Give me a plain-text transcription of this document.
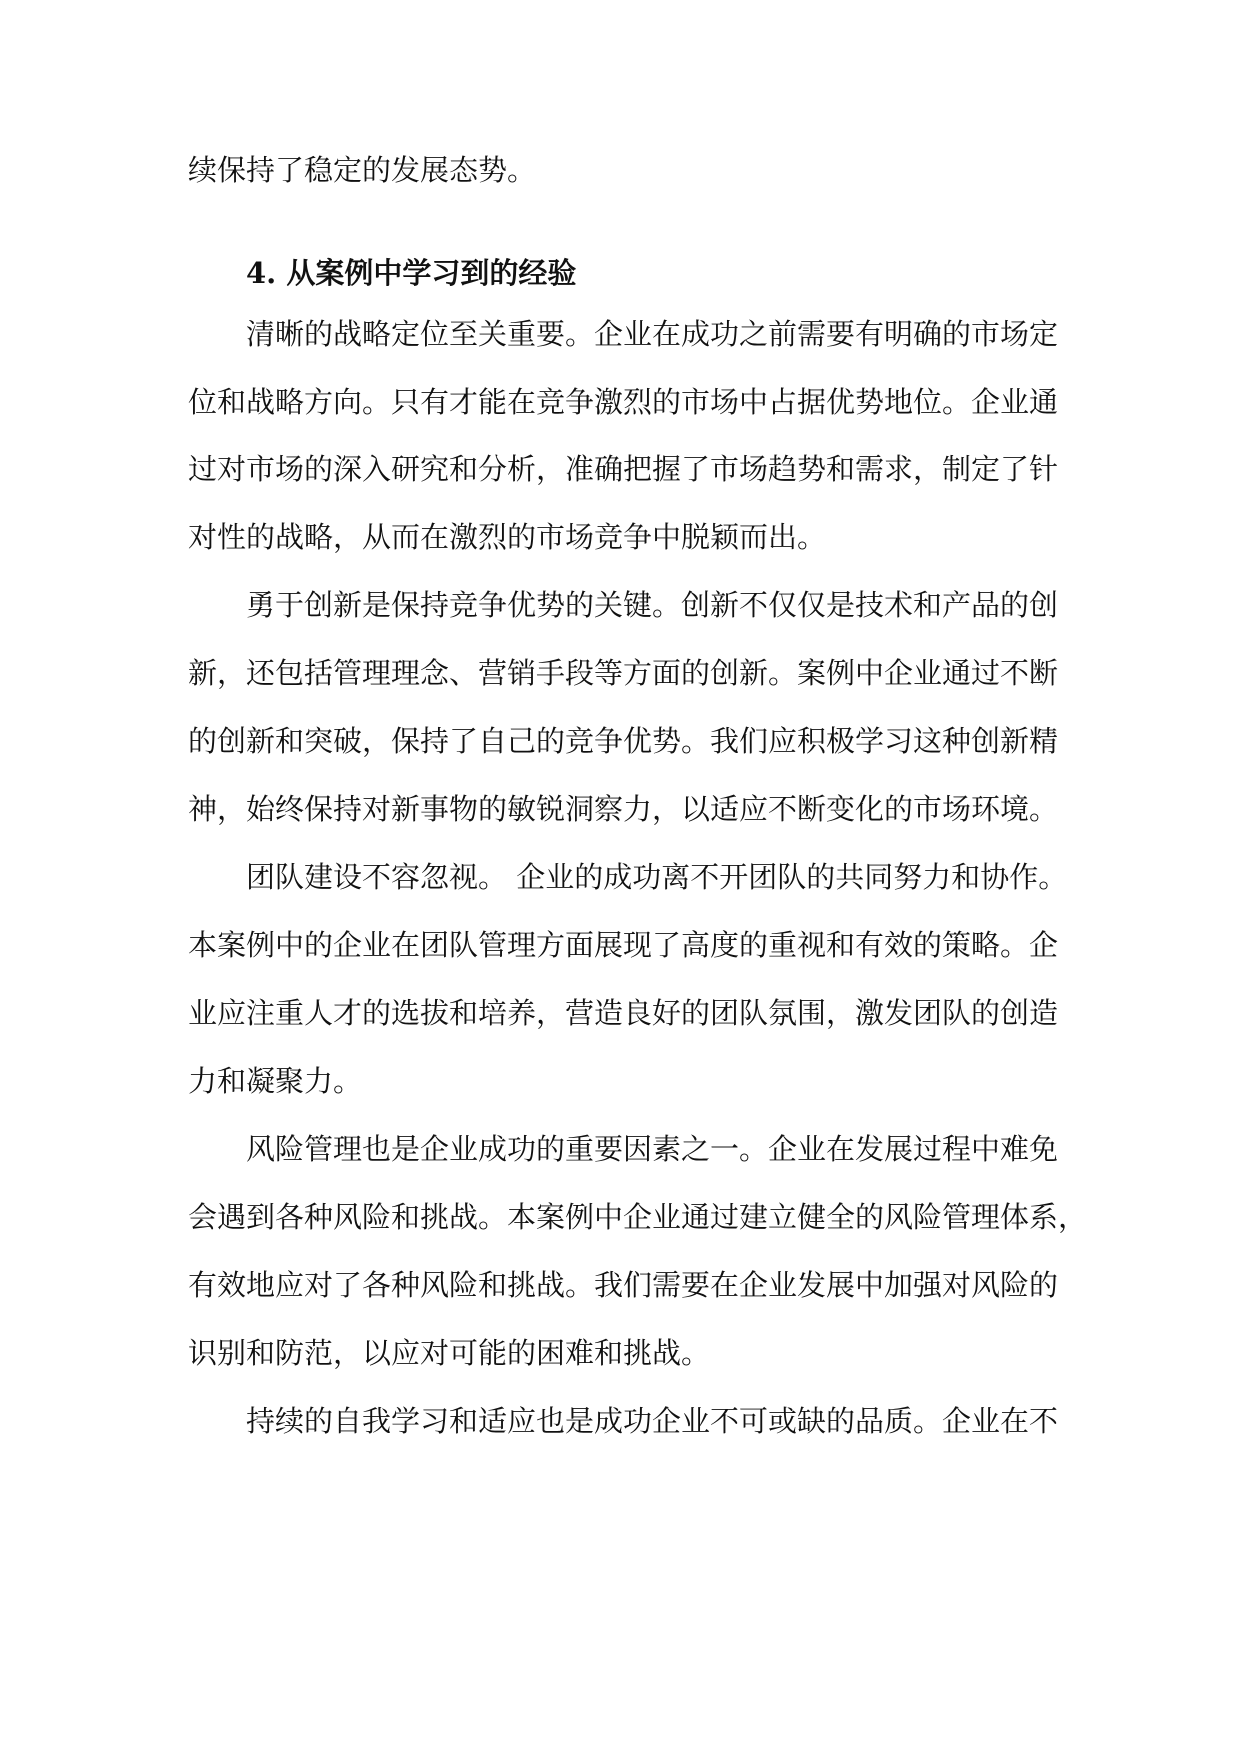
续保持了稳定的发展态势。
4. 从案例中学习到的经验
清晰的战略定位至关重要。企业在成功之前需要有明确的市场定
位和战略方向。只有才能在竞争激烈的市场中占据优势地位。企业通
过对市场的深入研究和分析，准确把握了市场趋势和需求，制定了针
对性的战略，从而在激烈的市场竞争中脱颖而出。
勇于创新是保持竞争优势的关键。创新不仅仅是技术和产品的创
新，还包括管理理念、营销手段等方面的创新。案例中企业通过不断
的创新和突破，保持了自己的竞争优势。我们应积极学习这种创新精
神，始终保持对新事物的敏锐洞察力，以适应不断变化的市场环境。
团队建设不容忽视。 企业的成功离不开团队的共同努力和协作。
本案例中的企业在团队管理方面展现了高度的重视和有效的策略。企
业应注重人才的选拔和培养，营造良好的团队氛围，激发团队的创造
力和凝聚力。
风险管理也是企业成功的重要因素之一。企业在发展过程中难免
会遇到各种风险和挑战。本案例中企业通过建立健全的风险管理体系，
有效地应对了各种风险和挑战。我们需要在企业发展中加强对风险的
识别和防范，以应对可能的困难和挑战。
持续的自我学习和适应也是成功企业不可或缺的品质。企业在不
